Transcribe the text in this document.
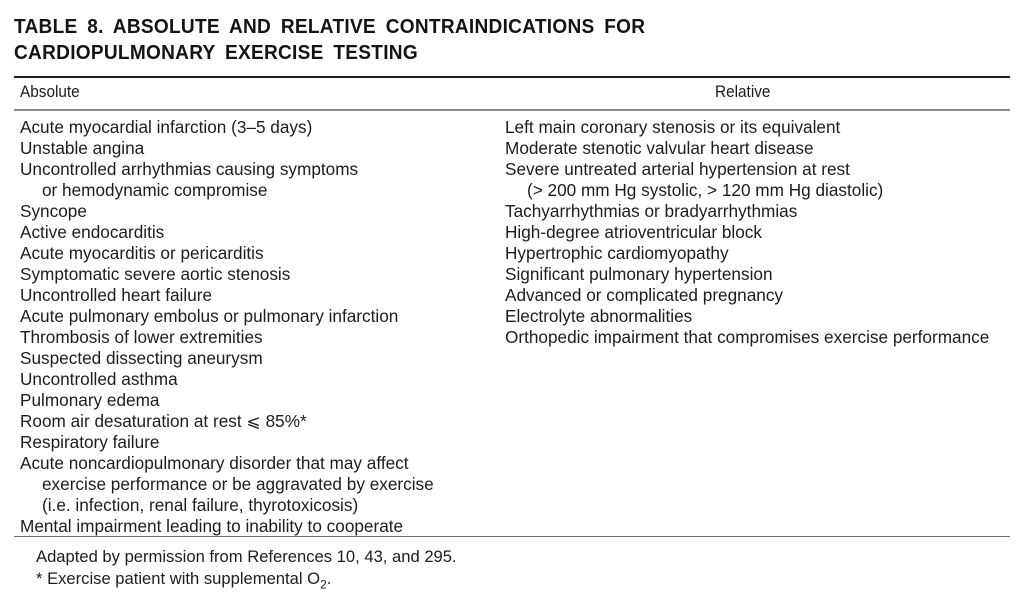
TABLE 8. ABSOLUTE AND RELATIVE CONTRAINDICATIONS FOR CARDIOPULMONARY EXERCISE TESTING
Absolute	Relative
Acute myocardial infarction (3–5 days)
Unstable angina
Uncontrolled arrhythmias causing symptoms
or hemodynamic compromise
Syncope
Active endocarditis
Acute myocarditis or pericarditis
Symptomatic severe aortic stenosis
Uncontrolled heart failure
Acute pulmonary embolus or pulmonary infarction
Thrombosis of lower extremities
Suspected dissecting aneurysm
Uncontrolled asthma
Pulmonary edema
Room air desaturation at rest ⩽ 85%*
Respiratory failure
Acute noncardiopulmonary disorder that may affect
exercise performance or be aggravated by exercise
(i.e. infection, renal failure, thyrotoxicosis)
Mental impairment leading to inability to cooperate
Left main coronary stenosis or its equivalent
Moderate stenotic valvular heart disease
Severe untreated arterial hypertension at rest
(> 200 mm Hg systolic, > 120 mm Hg diastolic)
Tachyarrhythmias or bradyarrhythmias
High-degree atrioventricular block
Hypertrophic cardiomyopathy
Significant pulmonary hypertension
Advanced or complicated pregnancy
Electrolyte abnormalities
Orthopedic impairment that compromises exercise performance
Adapted by permission from References 10, 43, and 295.
* Exercise patient with supplemental $O_2$.
